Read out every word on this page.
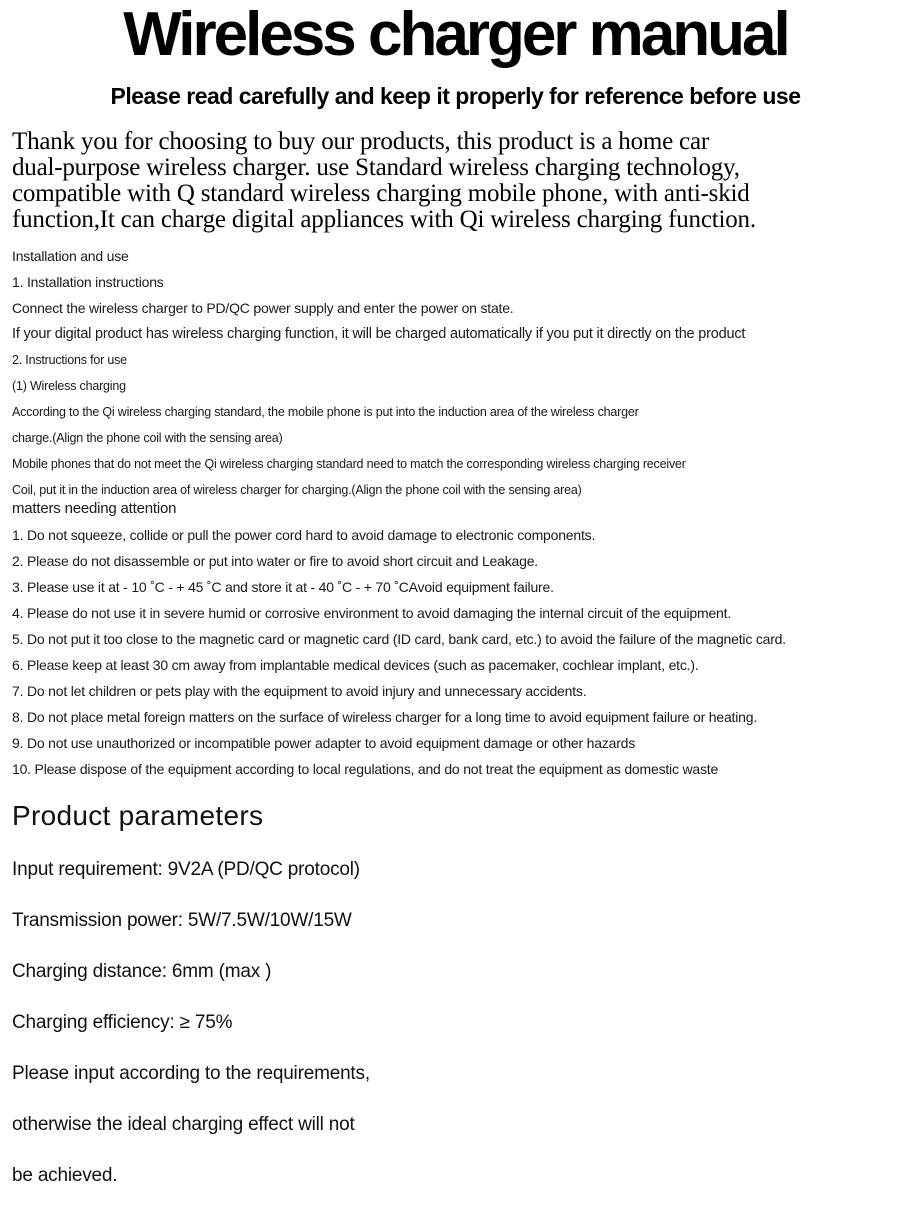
Wireless charger manual
Please read carefully and keep it properly for reference before use
Thank you for choosing to buy our products, this product is a home car
dual-purpose wireless charger. use Standard wireless charging technology,
compatible with Q standard wireless charging mobile phone, with anti-skid
function,It can charge digital appliances with Qi wireless charging function.

Installation and use

1. Installation instructions

Connect the wireless charger to PD/QC power supply and enter the power on state.

If your digital product has wireless charging function, it will be charged automatically if you put it directly on the product

2. Instructions for use

(1) Wireless charging

According to the Qi wireless charging standard, the mobile phone is put into the induction area of the wireless charger

charge.(Align the phone coil with the sensing area)

Mobile phones that do not meet the Qi wireless charging standard need to match the corresponding wireless charging receiver

Coil, put it in the induction area of wireless charger for charging.(Align the phone coil with the sensing area)

matters needing attention

1. Do not squeeze, collide or pull the power cord hard to avoid damage to electronic components.

2. Please do not disassemble or put into water or fire to avoid short circuit and Leakage.

3. Please use it at - 10 ˚C - + 45 ˚C and store it at - 40 ˚C - + 70 ˚CAvoid equipment failure.

4. Please do not use it in severe humid or corrosive environment to avoid damaging the internal circuit of the equipment.

5. Do not put it too close to the magnetic card or magnetic card (ID card, bank card, etc.) to avoid the failure of the magnetic card.

6. Please keep at least 30 cm away from implantable medical devices (such as pacemaker, cochlear implant, etc.).

7. Do not let children or pets play with the equipment to avoid injury and unnecessary accidents.

8. Do not place metal foreign matters on the surface of wireless charger for a long time to avoid equipment failure or heating.

9. Do not use unauthorized or incompatible power adapter to avoid equipment damage or other hazards

10. Please dispose of the equipment according to local regulations, and do not treat the equipment as domestic waste

Product parameters

Input requirement: 9V2A (PD/QC protocol)

Transmission power: 5W/7.5W/10W/15W

Charging distance: 6mm (max )

Charging efficiency: ≥ 75%

Please input according to the requirements,

otherwise the ideal charging effect will not

be achieved.
